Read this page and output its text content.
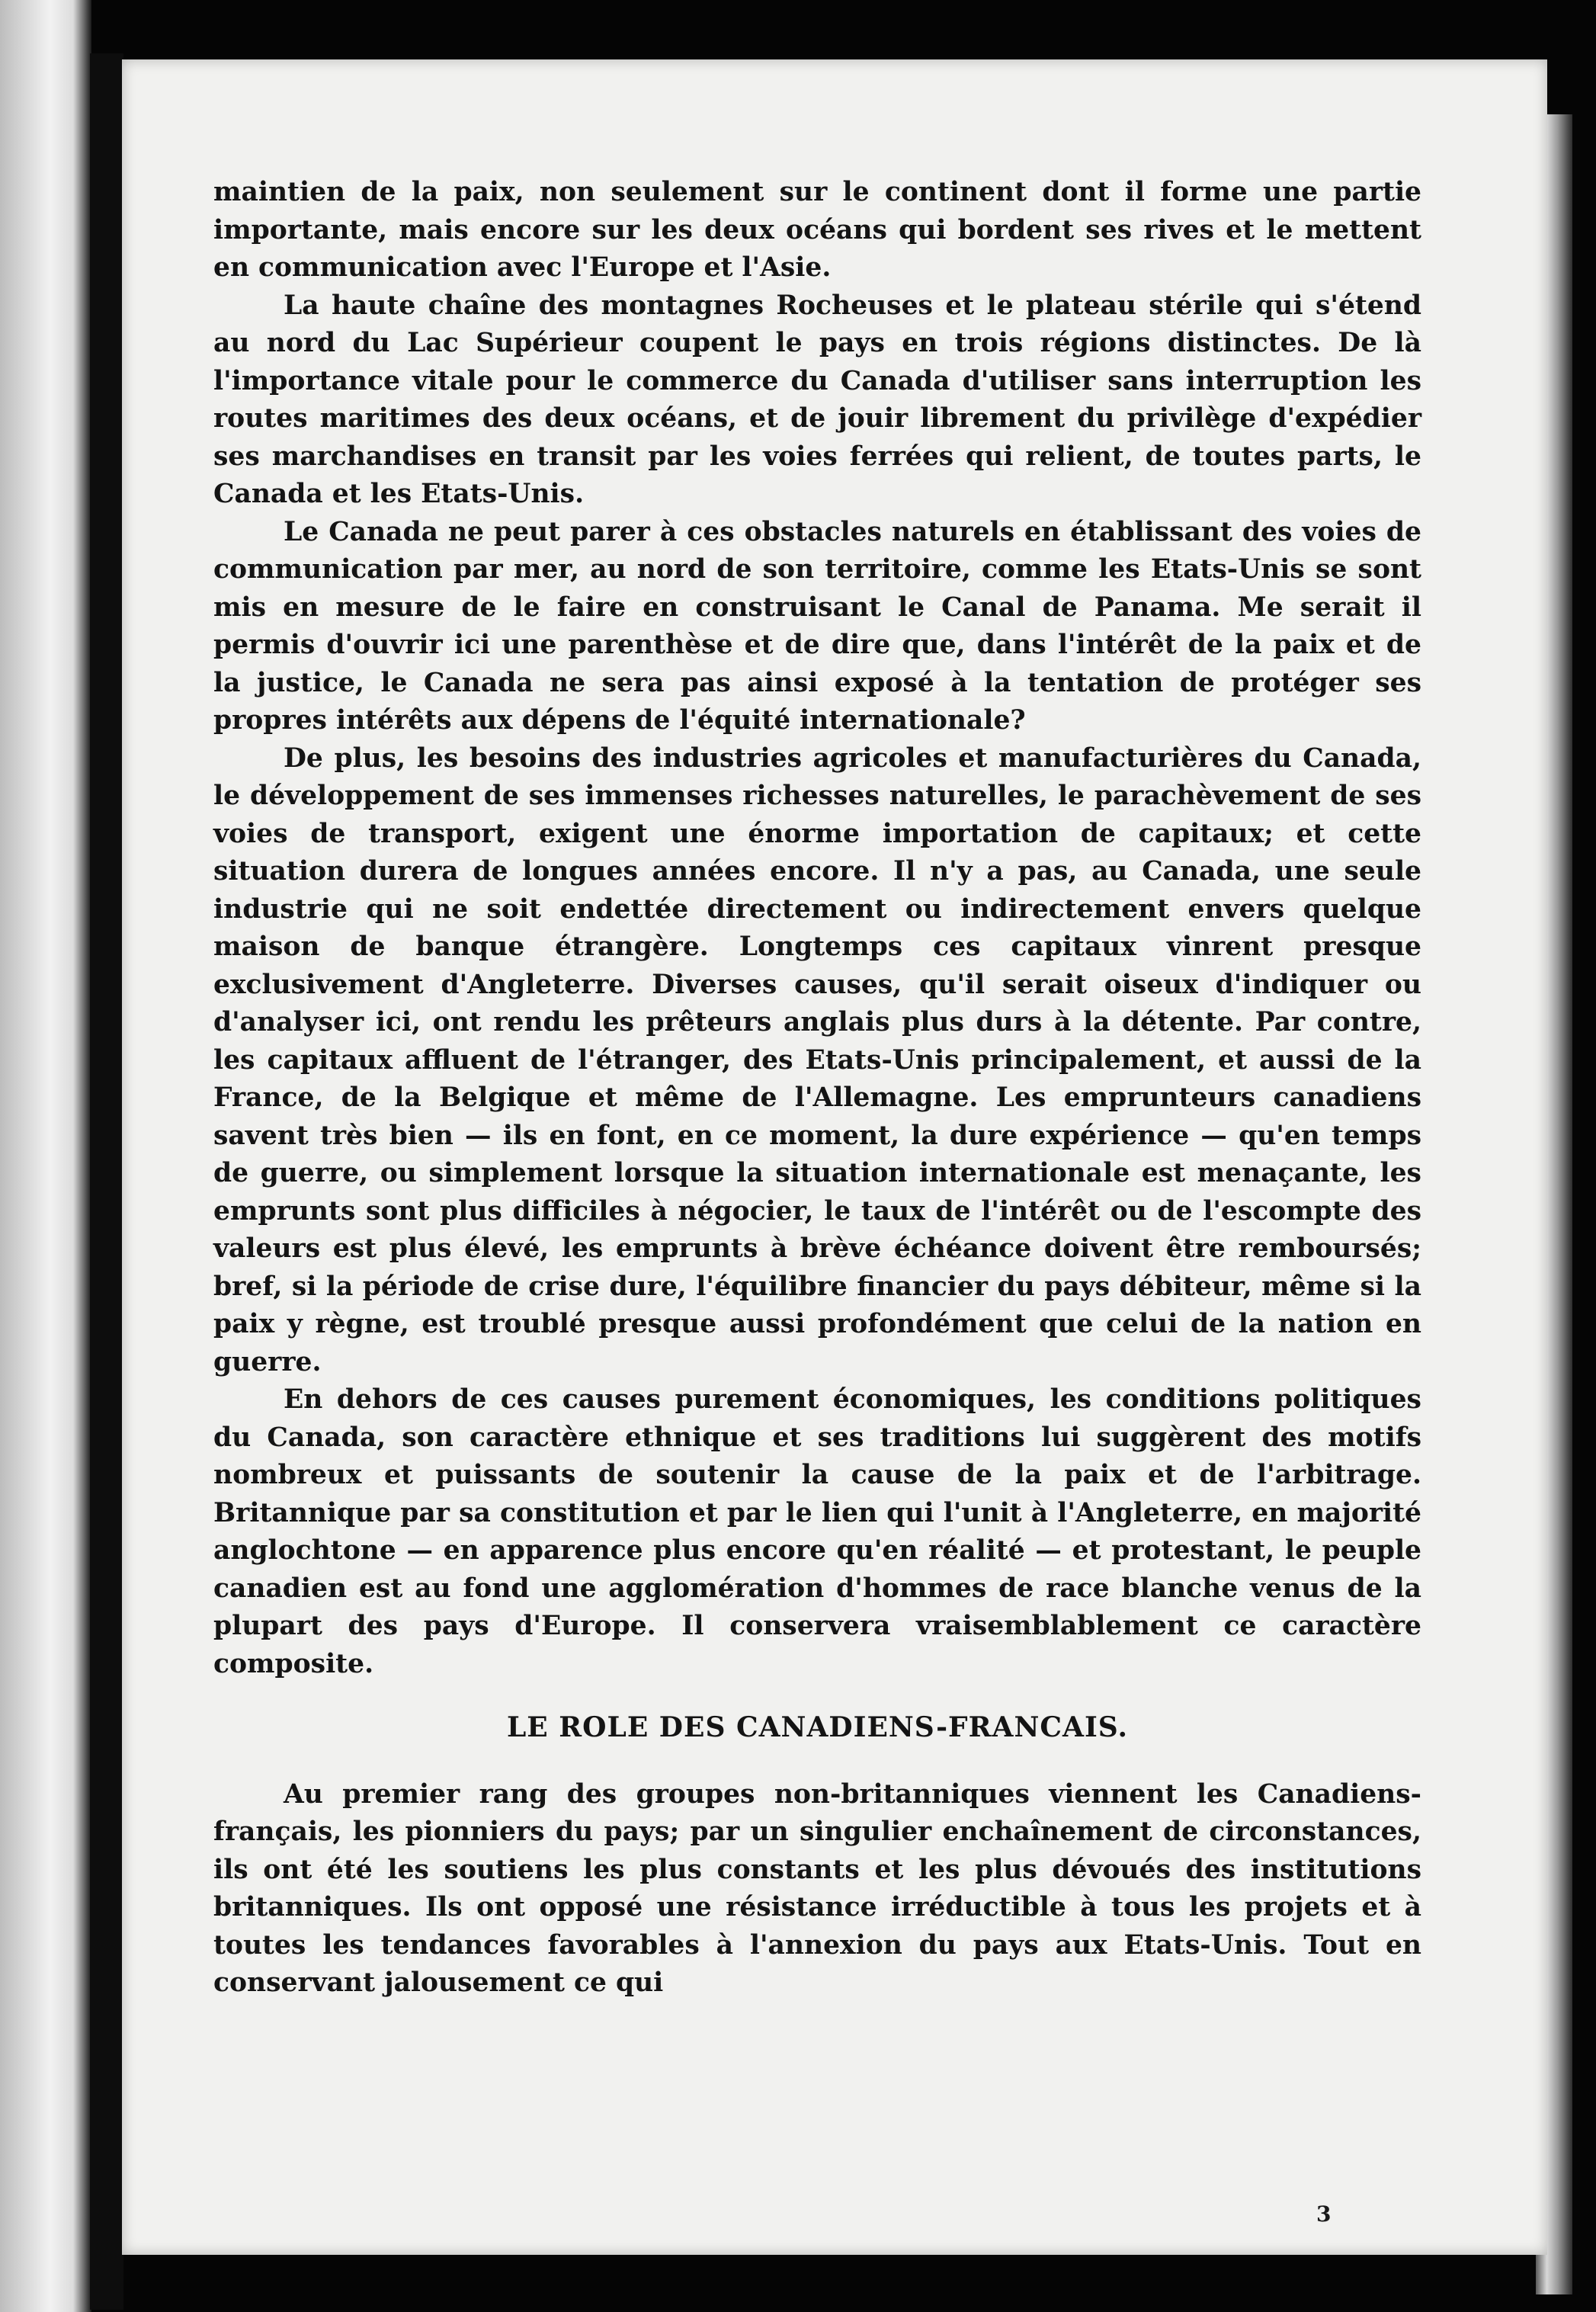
maintien de la paix, non seulement sur le continent dont il forme une partie importante, mais encore sur les deux océans qui bordent ses rives et le mettent en communication avec l'Europe et l'Asie.

La haute chaîne des montagnes Rocheuses et le plateau stérile qui s'étend au nord du Lac Supérieur coupent le pays en trois régions distinctes. De là l'importance vitale pour le commerce du Canada d'utiliser sans interruption les routes maritimes des deux océans, et de jouir librement du privilège d'expédier ses marchandises en transit par les voies ferrées qui relient, de toutes parts, le Canada et les Etats-Unis.

Le Canada ne peut parer à ces obstacles naturels en établissant des voies de communication par mer, au nord de son territoire, comme les Etats-Unis se sont mis en mesure de le faire en construisant le Canal de Panama. Me serait il permis d'ouvrir ici une parenthèse et de dire que, dans l'intérêt de la paix et de la justice, le Canada ne sera pas ainsi exposé à la tentation de protéger ses propres intérêts aux dépens de l'équité internationale?

De plus, les besoins des industries agricoles et manufacturières du Canada, le développement de ses immenses richesses naturelles, le parachèvement de ses voies de transport, exigent une énorme importation de capitaux; et cette situation durera de longues années encore. Il n'y a pas, au Canada, une seule industrie qui ne soit endettée directement ou indirectement envers quelque maison de banque étrangère. Longtemps ces capitaux vinrent presque exclusivement d'Angleterre. Diverses causes, qu'il serait oiseux d'indiquer ou d'analyser ici, ont rendu les prêteurs anglais plus durs à la détente. Par contre, les capitaux affluent de l'étranger, des Etats-Unis principalement, et aussi de la France, de la Belgique et même de l'Allemagne. Les emprunteurs canadiens savent très bien — ils en font, en ce moment, la dure expérience — qu'en temps de guerre, ou simplement lorsque la situation internationale est menaçante, les emprunts sont plus difficiles à négocier, le taux de l'intérêt ou de l'escompte des valeurs est plus élevé, les emprunts à brève échéance doivent être remboursés; bref, si la période de crise dure, l'équilibre financier du pays débiteur, même si la paix y règne, est troublé presque aussi profondément que celui de la nation en guerre.

En dehors de ces causes purement économiques, les conditions politiques du Canada, son caractère ethnique et ses traditions lui suggèrent des motifs nombreux et puissants de soutenir la cause de la paix et de l'arbitrage. Britannique par sa constitution et par le lien qui l'unit à l'Angleterre, en majorité anglochtone — en apparence plus encore qu'en réalité — et protestant, le peuple canadien est au fond une agglomération d'hommes de race blanche venus de la plupart des pays d'Europe. Il conservera vraisemblablement ce caractère composite.

LE ROLE DES CANADIENS-FRANCAIS.

Au premier rang des groupes non-britanniques viennent les Canadiens-français, les pionniers du pays; par un singulier enchaînement de circonstances, ils ont été les soutiens les plus constants et les plus dévoués des institutions britanniques. Ils ont opposé une résistance irréductible à tous les projets et à toutes les tendances favorables à l'annexion du pays aux Etats-Unis. Tout en conservant jalousement ce qui

3
